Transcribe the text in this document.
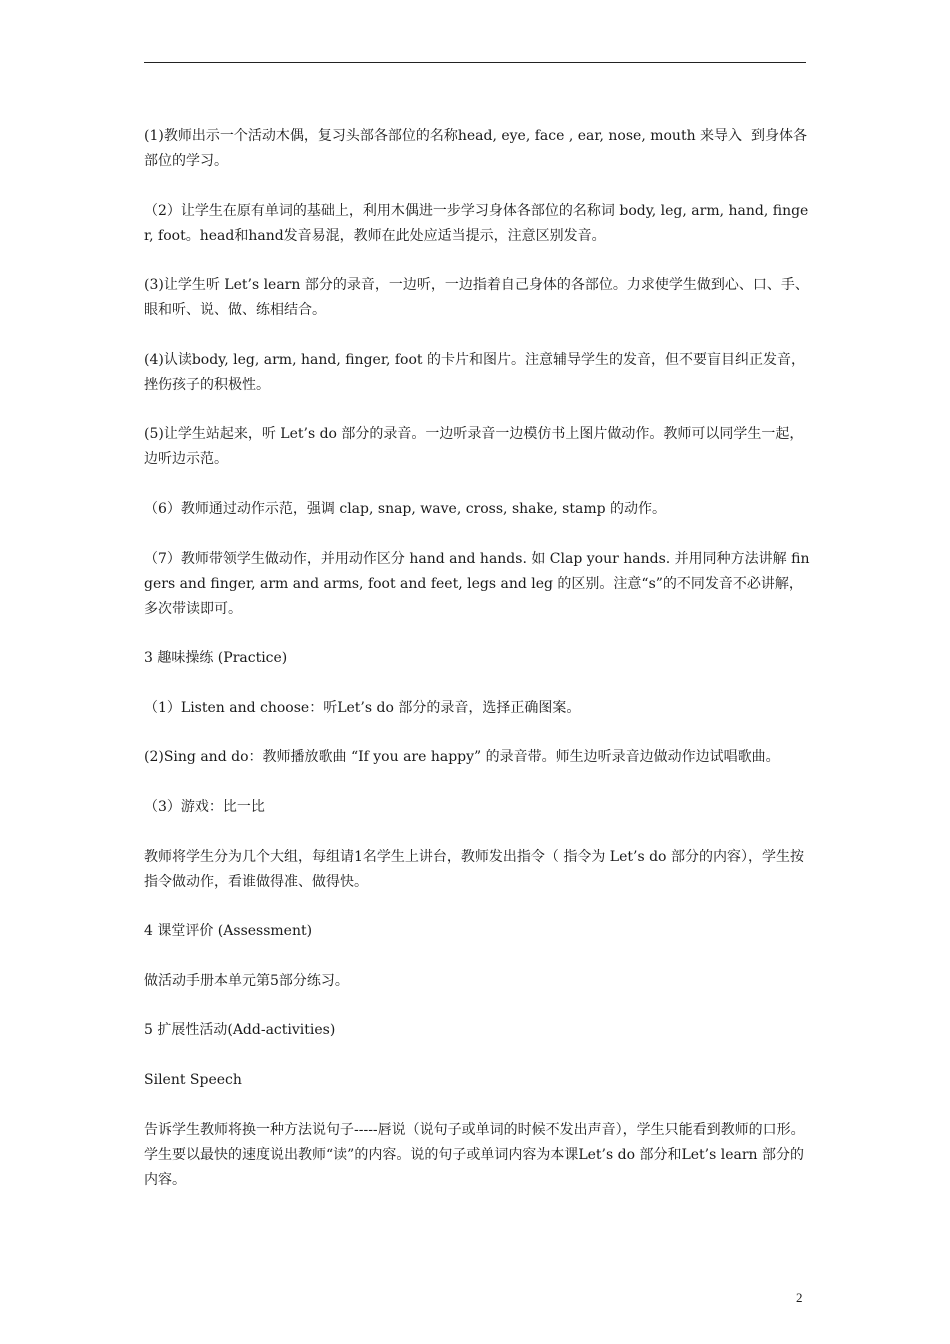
(1)教师出示一个活动木偶，复习头部各部位的名称head, eye, face , ear, nose, mouth 来导入  到身体各部位的学习。

（2）让学生在原有单词的基础上，利用木偶进一步学习身体各部位的名称词 body, leg, arm, hand, finger, foot。head和hand发音易混，教师在此处应适当提示，注意区别发音。

(3)让学生听 Let’s learn 部分的录音，一边听，一边指着自己身体的各部位。力求使学生做到心、口、手、眼和听、说、做、练相结合。

(4)认读body, leg, arm, hand, finger, foot 的卡片和图片。注意辅导学生的发音，但不要盲目纠正发音，挫伤孩子的积极性。

(5)让学生站起来，听 Let’s do 部分的录音。一边听录音一边模仿书上图片做动作。教师可以同学生一起，边听边示范。

（6）教师通过动作示范，强调 clap, snap, wave, cross, shake, stamp 的动作。

（7）教师带领学生做动作，并用动作区分 hand and hands. 如 Clap your hands. 并用同种方法讲解 fingers and finger, arm and arms, foot and feet, legs and leg 的区别。注意“s”的不同发音不必讲解，多次带读即可。

3 趣味操练 (Practice)

（1）Listen and choose：听Let’s do 部分的录音，选择正确图案。

(2)Sing and do：教师播放歌曲 “If you are happy” 的录音带。师生边听录音边做动作边试唱歌曲。

（3）游戏：比一比

教师将学生分为几个大组，每组请1名学生上讲台，教师发出指令（ 指令为 Let’s do 部分的内容），学生按指令做动作，看谁做得准、做得快。

4 课堂评价 (Assessment)

做活动手册本单元第5部分练习。

5 扩展性活动(Add-activities)

Silent Speech

告诉学生教师将换一种方法说句子-----唇说（说句子或单词的时候不发出声音），学生只能看到教师的口形。学生要以最快的速度说出教师“读”的内容。说的句子或单词内容为本课Let’s do 部分和Let’s learn 部分的内容。

2
